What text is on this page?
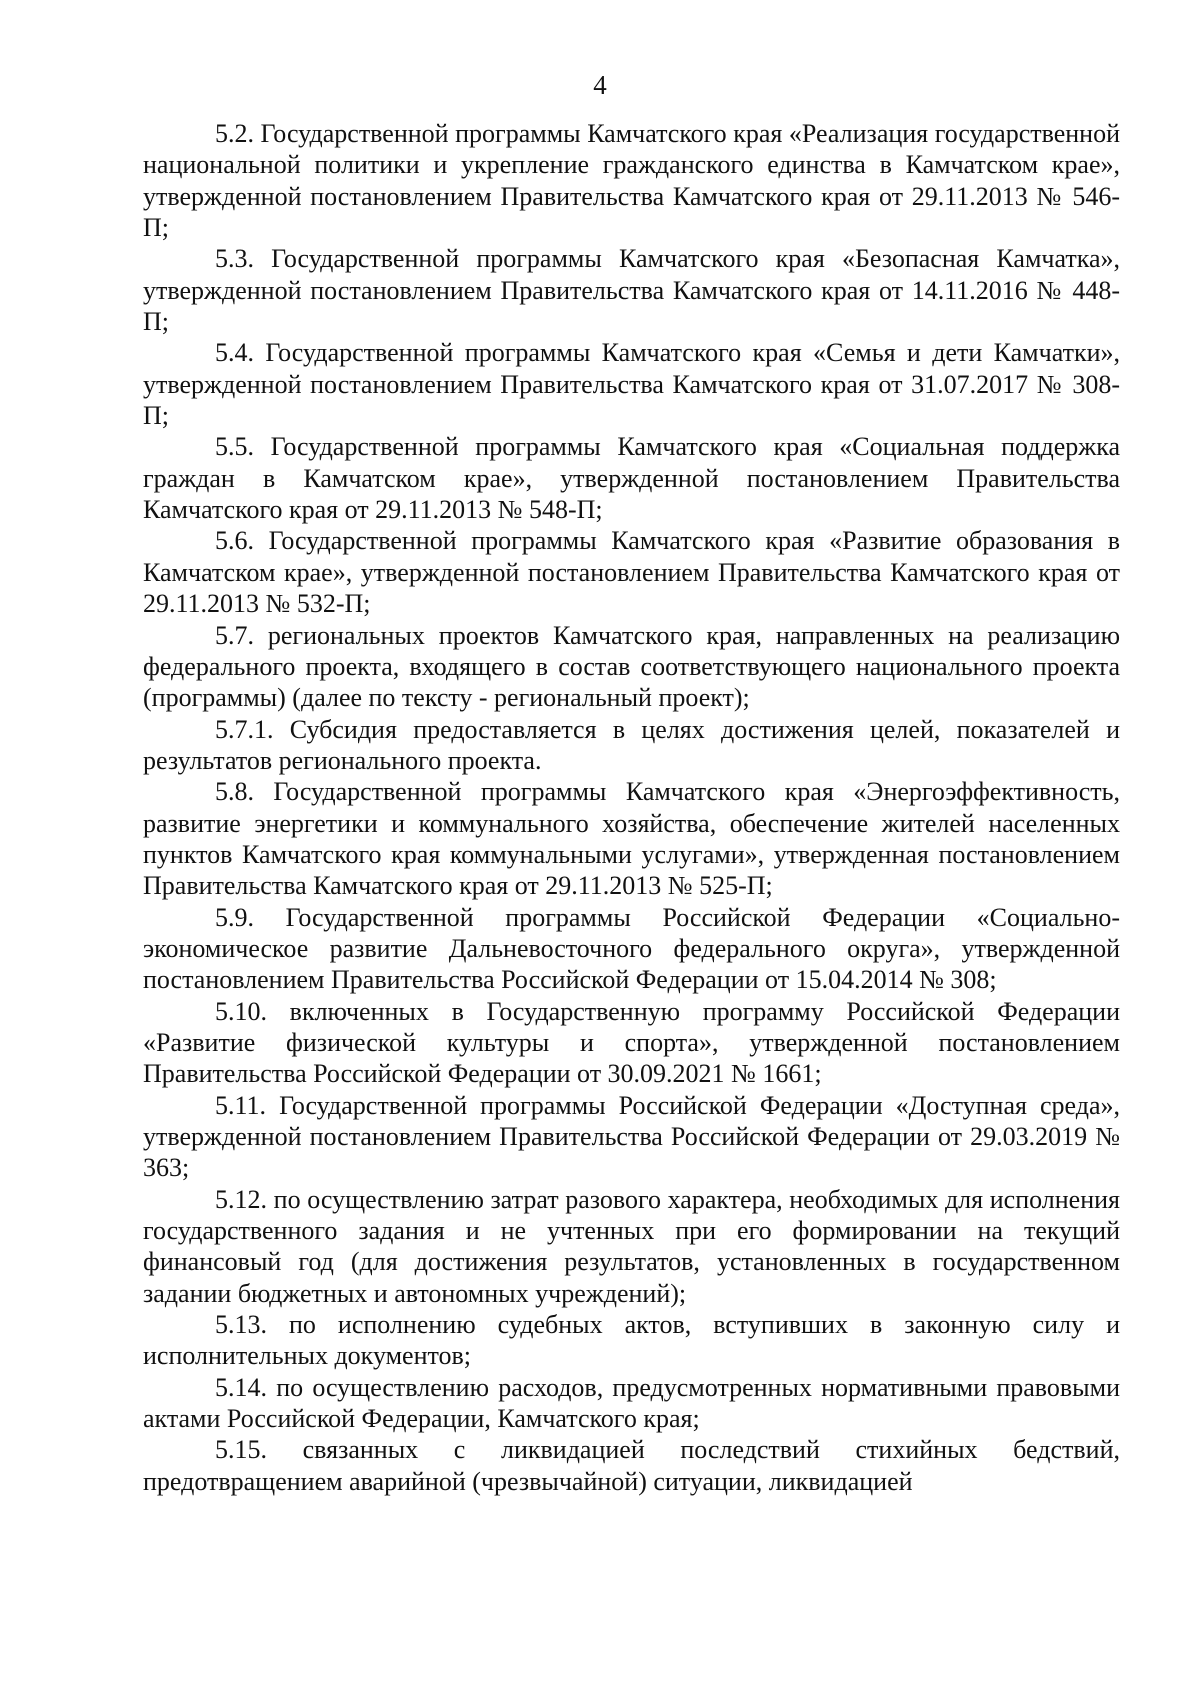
4

5.2. Государственной программы Камчатского края «Реализация государственной национальной политики и укрепление гражданского единства в Камчатском крае», утвержденной постановлением Правительства Камчатского края от 29.11.2013 № 546-П;

5.3. Государственной программы Камчатского края «Безопасная Камчатка», утвержденной постановлением Правительства Камчатского края от 14.11.2016 № 448-П;

5.4. Государственной программы Камчатского края «Семья и дети Камчатки», утвержденной постановлением Правительства Камчатского края от 31.07.2017 № 308-П;

5.5. Государственной программы Камчатского края «Социальная поддержка граждан в Камчатском крае», утвержденной постановлением Правительства Камчатского края от 29.11.2013 № 548-П;

5.6. Государственной программы Камчатского края «Развитие образования в Камчатском крае», утвержденной постановлением Правительства Камчатского края от 29.11.2013 № 532-П;

5.7. региональных проектов Камчатского края, направленных на реализацию федерального проекта, входящего в состав соответствующего национального проекта (программы) (далее по тексту - региональный проект);

5.7.1. Субсидия предоставляется в целях достижения целей, показателей и результатов регионального проекта.

5.8. Государственной программы Камчатского края «Энергоэффективность, развитие энергетики и коммунального хозяйства, обеспечение жителей населенных пунктов Камчатского края коммунальными услугами», утвержденная постановлением Правительства Камчатского края от 29.11.2013 № 525-П;

5.9. Государственной программы Российской Федерации «Социально-экономическое развитие Дальневосточного федерального округа», утвержденной постановлением Правительства Российской Федерации от 15.04.2014 № 308;

5.10. включенных в Государственную программу Российской Федерации «Развитие физической культуры и спорта», утвержденной постановлением Правительства Российской Федерации от 30.09.2021 № 1661;

5.11. Государственной программы Российской Федерации «Доступная среда», утвержденной постановлением Правительства Российской Федерации от 29.03.2019 № 363;

5.12. по осуществлению затрат разового характера, необходимых для исполнения государственного задания и не учтенных при его формировании на текущий финансовый год (для достижения результатов, установленных в государственном задании бюджетных и автономных учреждений);

5.13. по исполнению судебных актов, вступивших в законную силу и исполнительных документов;

5.14. по осуществлению расходов, предусмотренных нормативными правовыми актами Российской Федерации, Камчатского края;

5.15. связанных с ликвидацией последствий стихийных бедствий, предотвращением аварийной (чрезвычайной) ситуации, ликвидацией
